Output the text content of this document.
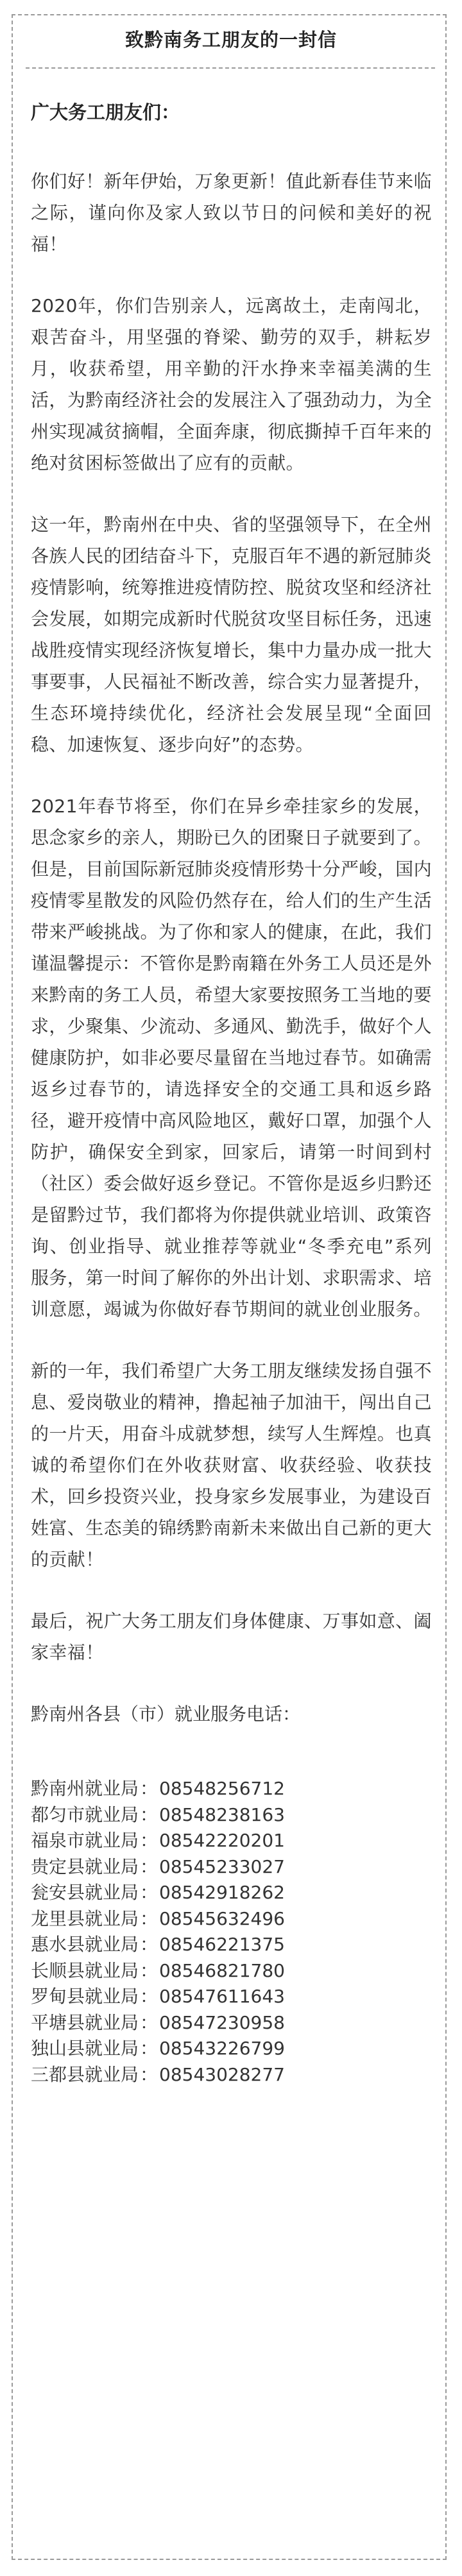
致黔南务工朋友的一封信
广大务工朋友们：

你们好！新年伊始，万象更新！值此新春佳节来临之际，谨向你及家人致以节日的问候和美好的祝福！

2020年，你们告别亲人，远离故土，走南闯北，艰苦奋斗，用坚强的脊梁、勤劳的双手，耕耘岁月，收获希望，用辛勤的汗水挣来幸福美满的生活，为黔南经济社会的发展注入了强劲动力，为全州实现减贫摘帽，全面奔康，彻底撕掉千百年来的绝对贫困标签做出了应有的贡献。

这一年，黔南州在中央、省的坚强领导下，在全州各族人民的团结奋斗下，克服百年不遇的新冠肺炎疫情影响，统筹推进疫情防控、脱贫攻坚和经济社会发展，如期完成新时代脱贫攻坚目标任务，迅速战胜疫情实现经济恢复增长，集中力量办成一批大事要事，人民福祉不断改善，综合实力显著提升，生态环境持续优化，经济社会发展呈现“全面回稳、加速恢复、逐步向好”的态势。

2021年春节将至，你们在异乡牵挂家乡的发展，思念家乡的亲人，期盼已久的团聚日子就要到了。但是，目前国际新冠肺炎疫情形势十分严峻，国内疫情零星散发的风险仍然存在，给人们的生产生活带来严峻挑战。为了你和家人的健康，在此，我们谨温馨提示：不管你是黔南籍在外务工人员还是外来黔南的务工人员，希望大家要按照务工当地的要求，少聚集、少流动、多通风、勤洗手，做好个人健康防护，如非必要尽量留在当地过春节。如确需返乡过春节的，请选择安全的交通工具和返乡路径，避开疫情中高风险地区，戴好口罩，加强个人防护，确保安全到家，回家后，请第一时间到村（社区）委会做好返乡登记。不管你是返乡归黔还是留黔过节，我们都将为你提供就业培训、政策咨询、创业指导、就业推荐等就业“冬季充电”系列服务，第一时间了解你的外出计划、求职需求、培训意愿，竭诚为你做好春节期间的就业创业服务。

新的一年，我们希望广大务工朋友继续发扬自强不息、爱岗敬业的精神，撸起袖子加油干，闯出自己的一片天，用奋斗成就梦想，续写人生辉煌。也真诚的希望你们在外收获财富、收获经验、收获技术，回乡投资兴业，投身家乡发展事业，为建设百姓富、生态美的锦绣黔南新未来做出自己新的更大的贡献！

最后，祝广大务工朋友们身体健康、万事如意、阖家幸福！

黔南州各县（市）就业服务电话：
黔南州就业局：08548256712
都匀市就业局：08548238163
福泉市就业局：08542220201
贵定县就业局：08545233027
瓮安县就业局：08542918262
龙里县就业局：08545632496
惠水县就业局：08546221375
长顺县就业局：08546821780
罗甸县就业局：08547611643
平塘县就业局：08547230958
独山县就业局：08543226799
三都县就业局：08543028277
